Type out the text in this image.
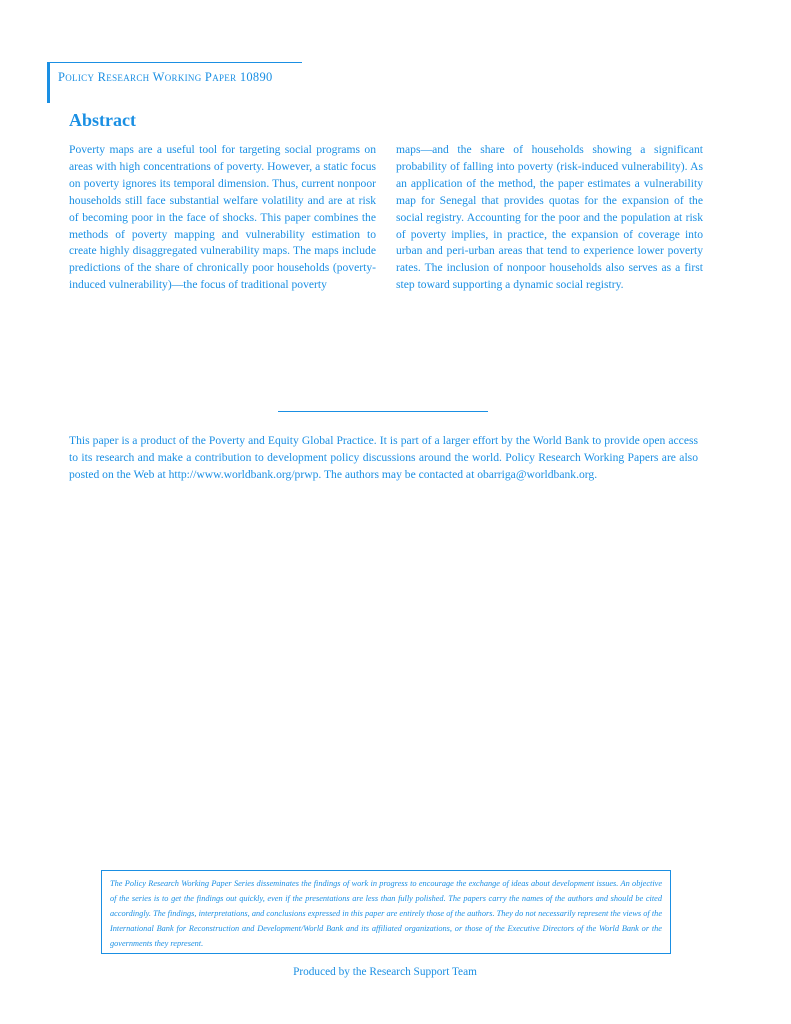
Policy Research Working Paper 10890
Abstract

Poverty maps are a useful tool for targeting social programs on areas with high concentrations of poverty. However, a static focus on poverty ignores its temporal dimension. Thus, current nonpoor households still face substantial welfare volatility and are at risk of becoming poor in the face of shocks. This paper combines the methods of poverty mapping and vulnerability estimation to create highly disaggregated vulnerability maps. The maps include predictions of the share of chronically poor households (poverty-induced vulnerability)—the focus of traditional poverty

maps—and the share of households showing a significant probability of falling into poverty (risk-induced vulnerability). As an application of the method, the paper estimates a vulnerability map for Senegal that provides quotas for the expansion of the social registry. Accounting for the poor and the population at risk of poverty implies, in practice, the expansion of coverage into urban and peri-urban areas that tend to experience lower poverty rates. The inclusion of nonpoor households also serves as a first step toward supporting a dynamic social registry.

This paper is a product of the Poverty and Equity Global Practice. It is part of a larger effort by the World Bank to provide open access to its research and make a contribution to development policy discussions around the world. Policy Research Working Papers are also posted on the Web at http://www.worldbank.org/prwp. The authors may be contacted at obarriga@worldbank.org.

The Policy Research Working Paper Series disseminates the findings of work in progress to encourage the exchange of ideas about development issues. An objective of the series is to get the findings out quickly, even if the presentations are less than fully polished. The papers carry the names of the authors and should be cited accordingly. The findings, interpretations, and conclusions expressed in this paper are entirely those of the authors. They do not necessarily represent the views of the International Bank for Reconstruction and Development/World Bank and its affiliated organizations, or those of the Executive Directors of the World Bank or the governments they represent.

Produced by the Research Support Team
